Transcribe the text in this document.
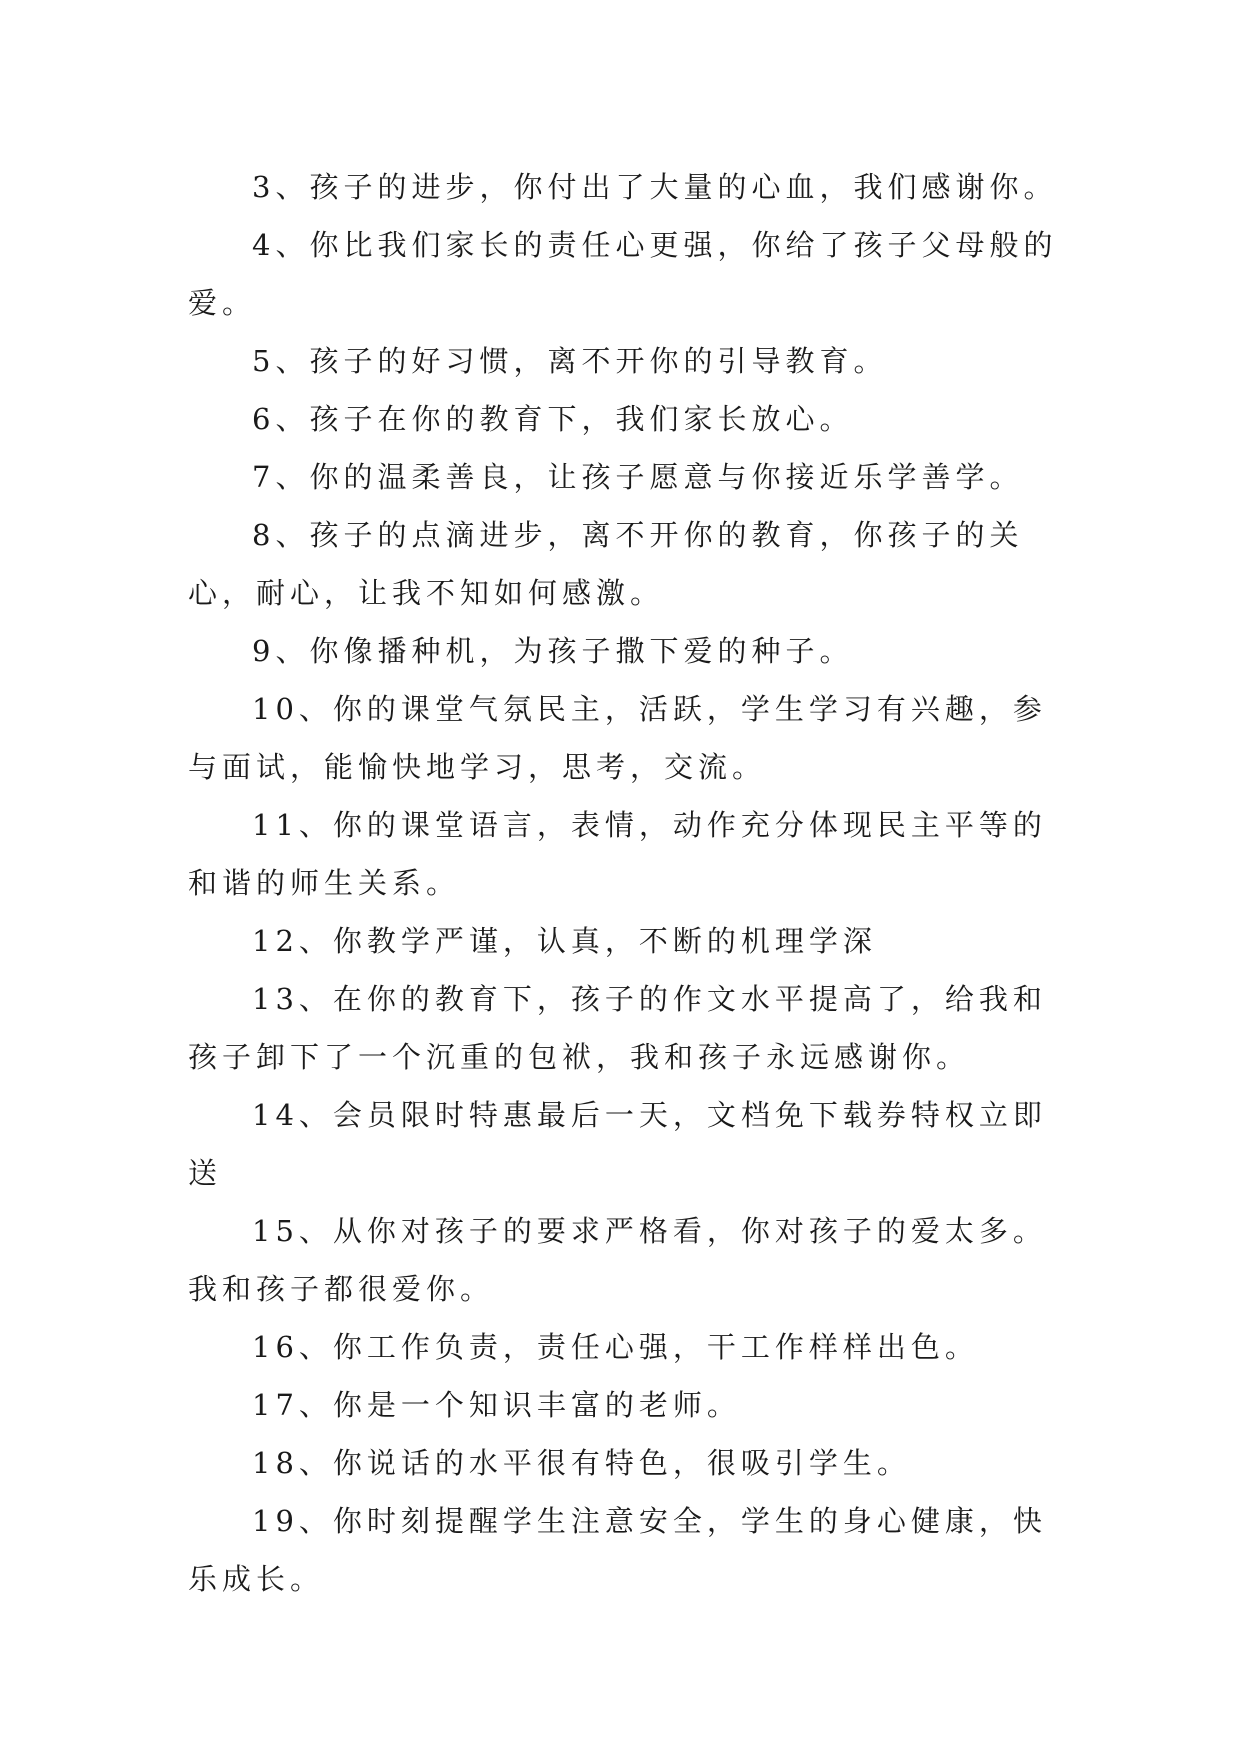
3、孩子的进步，你付出了大量的心血，我们感谢你。

4、你比我们家长的责任心更强，你给了孩子父母般的爱。

5、孩子的好习惯，离不开你的引导教育。

6、孩子在你的教育下，我们家长放心。

7、你的温柔善良，让孩子愿意与你接近乐学善学。

8、孩子的点滴进步，离不开你的教育，你孩子的关心，耐心，让我不知如何感激。

9、你像播种机，为孩子撒下爱的种子。

10、你的课堂气氛民主，活跃，学生学习有兴趣，参与面试，能愉快地学习，思考，交流。

11、你的课堂语言，表情，动作充分体现民主平等的和谐的师生关系。

12、你教学严谨，认真，不断的机理学深

13、在你的教育下，孩子的作文水平提高了，给我和孩子卸下了一个沉重的包袱，我和孩子永远感谢你。

14、会员限时特惠最后一天，文档免下载券特权立即送

15、从你对孩子的要求严格看，你对孩子的爱太多。我和孩子都很爱你。

16、你工作负责，责任心强，干工作样样出色。

17、你是一个知识丰富的老师。

18、你说话的水平很有特色，很吸引学生。

19、你时刻提醒学生注意安全，学生的身心健康，快乐成长。
